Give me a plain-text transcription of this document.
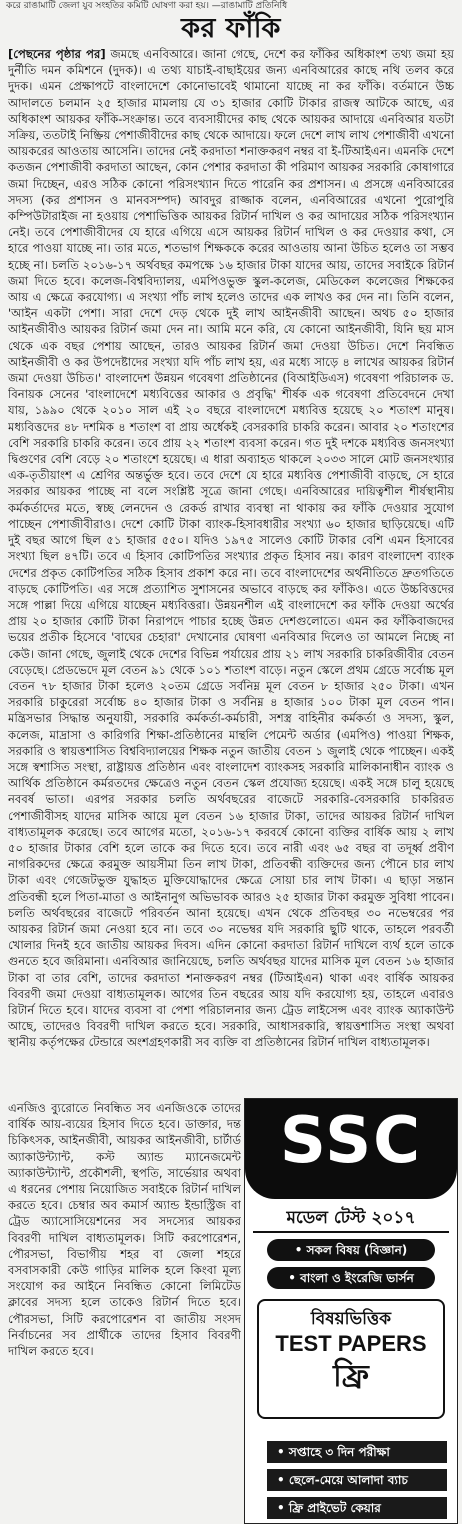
করে রাঙামাটি জেলা যুব সংহতির কমিটি ঘোষণা করা হয়। —রাঙামাটি প্রতিনিধি
কর ফাঁকি

[পেছনের পৃষ্ঠার পর] জমছে এনবিআরে। জানা গেছে, দেশে কর ফাঁকির অধিকাংশ তথ্য জমা হয় দুর্নীতি দমন কমিশনে (দুদক)। এ তথ্য যাচাই-বাছাইয়ের জন্য এনবিআরের কাছে নথি তলব করে দুদক। এমন প্রেক্ষাপটে বাংলাদেশে কোনোভাবেই থামানো যাচ্ছে না কর ফাঁকি। বর্তমানে উচ্চ আদালতে চলমান ২৫ হাজার মামলায় যে ৩১ হাজার কোটি টাকার রাজস্ব আটকে আছে, এর অধিকাংশ আয়কর ফাঁকি-সংক্রান্ত। তবে ব্যবসায়ীদের কাছ থেকে আয়কর আদায়ে এনবিআর যতটা সক্রিয়, ততটাই নিষ্ক্রিয় পেশাজীবীদের কাছ থেকে আদায়ে। ফলে দেশে লাখ লাখ পেশাজীবী এখনো আয়করের আওতায় আসেনি। তাদের নেই করদাতা শনাক্তকরণ নম্বর বা ই-টিআইএন। এমনকি দেশে কতজন পেশাজীবী করদাতা আছেন, কোন পেশার করদাতা কী পরিমাণ আয়কর সরকারি কোষাগারে জমা দিচ্ছেন, এরও সঠিক কোনো পরিসংখ্যান দিতে পারেনি কর প্রশাসন। এ প্রসঙ্গে এনবিআরের সদস্য (কর প্রশাসন ও মানবসম্পদ) আবদুর রাজ্জাক বলেন, এনবিআরের এখনো পুরোপুরি কম্পিউটারাইজ না হওয়ায় পেশাভিত্তিক আয়কর রিটার্ন দাখিল ও কর আদায়ের সঠিক পরিসংখ্যান নেই। তবে পেশাজীবীদের যে হারে এগিয়ে এসে আয়কর রিটার্ন দাখিল ও কর দেওয়ার কথা, সে হারে পাওয়া যাচ্ছে না। তার মতে, শতভাগ শিক্ষককে করের আওতায় আনা উচিত হলেও তা সম্ভব হচ্ছে না। চলতি ২০১৬-১৭ অর্থবছর কমপক্ষে ১৬ হাজার টাকা যাদের আয়, তাদের সবাইকে রিটার্ন জমা দিতে হবে। কলেজ-বিশ্ববিদ্যালয়, এমপিওভুক্ত স্কুল-কলেজ, মেডিকেল কলেজের শিক্ষকের আয় এ ক্ষেত্রে করযোগ্য। এ সংখ্যা পাঁচ লাখ হলেও তাদের এক লাখও কর দেন না। তিনি বলেন, 'আইন একটা পেশা। সারা দেশে দেড় থেকে দুই লাখ আইনজীবী আছেন। অথচ ৫০ হাজার আইনজীবীও আয়কর রিটার্ন জমা দেন না। আমি মনে করি, যে কোনো আইনজীবী, যিনি ছয় মাস থেকে এক বছর পেশায় আছেন, তারও আয়কর রিটার্ন জমা দেওয়া উচিত। দেশে নিবন্ধিত আইনজীবী ও কর উপদেষ্টাদের সংখ্যা যদি পাঁচ লাখ হয়, এর মধ্যে সাড়ে ৪ লাখের আয়কর রিটার্ন জমা দেওয়া উচিত।' বাংলাদেশ উন্নয়ন গবেষণা প্রতিষ্ঠানের (বিআইডিএস) গবেষণা পরিচালক ড. বিনায়ক সেনের 'বাংলাদেশে মধ্যবিত্তের আকার ও প্রবৃদ্ধি' শীর্ষক এক গবেষণা প্রতিবেদনে দেখা যায়, ১৯৯০ থেকে ২০১০ সাল এই ২০ বছরে বাংলাদেশে মধ্যবিত্ত হয়েছে ২০ শতাংশ মানুষ। মধ্যবিত্তদের ৪৮ দশমিক ৪ শতাংশ বা প্রায় অর্ধেকই বেসরকারি চাকরি করেন। আবার ২০ শতাংশের বেশি সরকারি চাকরি করেন। তবে প্রায় ২২ শতাংশ ব্যবসা করেন। গত দুই দশকে মধ্যবিত্ত জনসংখ্যা দ্বিগুণের বেশি বেড়ে ২০ শতাংশে হয়েছে। এ ধারা অব্যাহত থাকলে ২০৩৩ সালে মোট জনসংখ্যার এক-তৃতীয়াংশ এ শ্রেণির অন্তর্ভুক্ত হবে। তবে দেশে যে হারে মধ্যবিত্ত পেশাজীবী বাড়ছে, সে হারে সরকার আয়কর পাচ্ছে না বলে সংশ্লিষ্ট সূত্রে জানা গেছে। এনবিআরের দায়িত্বশীল শীর্ষস্থানীয় কর্মকর্তাদের মতে, স্বচ্ছ লেনদেন ও রেকর্ড রাখার ব্যবস্থা না থাকায় কর ফাঁকি দেওয়ার সুযোগ পাচ্ছেন পেশাজীবীরাও। দেশে কোটি টাকা ব্যাংক-হিসাবধারীর সংখ্যা ৬০ হাজার ছাড়িয়েছে। এটি দুই বছর আগে ছিল ৫১ হাজার ৫৫০। যদিও ১৯৭৫ সালেও কোটি টাকার বেশি এমন হিসাবের সংখ্যা ছিল ৪৭টি। তবে এ হিসাব কোটিপতির সংখ্যার প্রকৃত হিসাব নয়। কারণ বাংলাদেশ ব্যাংক দেশের প্রকৃত কোটিপতির সঠিক হিসাব প্রকাশ করে না। তবে বাংলাদেশের অর্থনীতিতে দ্রুতগতিতে বাড়ছে কোটিপতি। এর সঙ্গে প্রত্যাশিত সুশাসনের অভাবে বাড়ছে কর ফাঁকিও। এতে উচ্চবিত্তদের সঙ্গে পাল্লা দিয়ে এগিয়ে যাচ্ছেন মধ্যবিত্তরা। উন্নয়নশীল এই বাংলাদেশে কর ফাঁকি দেওয়া অর্থের প্রায় ২০ হাজার কোটি টাকা নিরাপদে পাচার হচ্ছে উন্নত দেশগুলোতে। এমন কর ফাঁকিবাজদের ভয়ের প্রতীক হিসেবে 'বাঘের চেহারা' দেখানোর ঘোষণা এনবিআর দিলেও তা আমলে নিচ্ছে না কেউ। জানা গেছে, জুলাই থেকে দেশের বিভিন্ন পর্যায়ের প্রায় ২১ লাখ সরকারি চাকরিজীবীর বেতন বেড়েছে। প্রেডভেদে মূল বেতন ৯১ থেকে ১০১ শতাংশ বাড়ে। নতুন স্কেলে প্রথম গ্রেডে সর্বোচ্চ মূল বেতন ৭৮ হাজার টাকা হলেও ২০তম গ্রেডে সর্বনিম্ন মূল বেতন ৮ হাজার ২৫০ টাকা। এখন সরকারি চাকুরেরা সর্বোচ্চ ৪০ হাজার টাকা ও সর্বনিম্ন ৪ হাজার ১০০ টাকা মূল বেতন পান। মন্ত্রিসভার সিদ্ধান্ত অনুযায়ী, সরকারি কর্মকর্তা-কর্মচারী, সশস্ত্র বাহিনীর কর্মকর্তা ও সদস্য, স্কুল, কলেজ, মাদ্রাসা ও কারিগরি শিক্ষা-প্রতিষ্ঠানের মান্থলি পেমেন্ট অর্ডার (এমপিও) পাওয়া শিক্ষক, সরকারি ও স্বায়ত্তশাসিত বিশ্ববিদ্যালয়ের শিক্ষক নতুন জাতীয় বেতন ১ জুলাই থেকে পাচ্ছেন। একই সঙ্গে স্বশাসিত সংস্থা, রাষ্ট্রায়ত্ত প্রতিষ্ঠান এবং বাংলাদেশ ব্যাংকসহ সরকারি মালিকানাধীন ব্যাংক ও আর্থিক প্রতিষ্ঠানে কর্মরতদের ক্ষেত্রেও নতুন বেতন স্কেল প্রযোজ্য হয়েছে। একই সঙ্গে চালু হয়েছে নববর্ষ ভাতা। এরপর সরকার চলতি অর্থবছরের বাজেটে সরকারি-বেসরকারি চাকরিরত পেশাজীবীসহ যাদের মাসিক আয়ে মূল বেতন ১৬ হাজার টাকা, তাদের আয়কর রিটার্ন দাখিল বাধ্যতামূলক করেছে। তবে আগের মতো, ২০১৬-১৭ করবর্ষে কোনো ব্যক্তির বার্ষিক আয় ২ লাখ ৫০ হাজার টাকার বেশি হলে তাকে কর দিতে হবে। তবে নারী এবং ৬৫ বছর বা তদূর্ধ্ব প্রবীণ নাগরিকদের ক্ষেত্রে করমুক্ত আয়সীমা তিন লাখ টাকা, প্রতিবন্ধী ব্যক্তিদের জন্য পৌনে চার লাখ টাকা এবং গেজেটভুক্ত যুদ্ধাহত মুক্তিযোদ্ধাদের ক্ষেত্রে সোয়া চার লাখ টাকা। এ ছাড়া সন্তান প্রতিবন্ধী হলে পিতা-মাতা ও আইনানুগ অভিভাবক আরও ২৫ হাজার টাকা করমুক্ত সুবিধা পাবেন। চলতি অর্থবছরের বাজেটে পরিবর্তন আনা হয়েছে। এখন থেকে প্রতিবছর ৩০ নভেম্বরের পর আয়কর রিটার্ন জমা নেওয়া হবে না। তবে ৩০ নভেম্বর যদি সরকারি ছুটি থাকে, তাহলে পরবর্তী খোলার দিনই হবে জাতীয় আয়কর দিবস। এদিন কোনো করদাতা রিটার্ন দাখিলে ব্যর্থ হলে তাকে গুনতে হবে জরিমানা। এনবিআর জানিয়েছে, চলতি অর্থবছর যাদের মাসিক মূল বেতন ১৬ হাজার টাকা বা তার বেশি, তাদের করদাতা শনাক্তকরণ নম্বর (টিআইএন) থাকা এবং বার্ষিক আয়কর বিবরণী জমা দেওয়া বাধ্যতামূলক। আগের তিন বছরের আয় যদি করযোগ্য হয়, তাহলে এবারও রিটার্ন দিতে হবে। যাদের ব্যবসা বা পেশা পরিচালনার জন্য ট্রেড লাইসেন্স এবং ব্যাংক অ্যাকাউন্ট আছে, তাদেরও বিবরণী দাখিল করতে হবে। সরকারি, আধাসরকারি, স্বায়ত্তশাসিত সংস্থা অথবা স্থানীয় কর্তৃপক্ষের টেন্ডারে অংশগ্রহণকারী সব ব্যক্তি বা প্রতিষ্ঠানের রিটার্ন দাখিল বাধ্যতামূলক।

এনজিও ব্যুরোতে নিবন্ধিত সব এনজিওকে তাদের বার্ষিক আয়-ব্যয়ের হিসাব দিতে হবে। ডাক্তার, দন্ত চিকিৎসক, আইনজীবী, আয়কর আইনজীবী, চার্টার্ড অ্যাকাউন্ট্যান্ট, কস্ট অ্যান্ড ম্যানেজমেন্ট অ্যাকাউন্ট্যান্ট, প্রকৌশলী, স্থপতি, সার্ভেয়ার অথবা এ ধরনের পেশায় নিয়োজিত সবাইকে রিটার্ন দাখিল করতে হবে। চেম্বার অব কমার্স অ্যান্ড ইন্ডাস্ট্রিজ বা ট্রেড অ্যাসোসিয়েশনের সব সদস্যের আয়কর বিবরণী দাখিল বাধ্যতামূলক। সিটি করপোরেশন, পৌরসভা, বিভাগীয় শহর বা জেলা শহরে বসবাসকারী কেউ গাড়ির মালিক হলে কিংবা মূল্য সংযোগ কর আইনে নিবন্ধিত কোনো লিমিটেড ক্লাবের সদস্য হলে তাকেও রিটার্ন দিতে হবে। পৌরসভা, সিটি করপোরেশন বা জাতীয় সংসদ নির্বাচনের সব প্রার্থীকে তাদের হিসাব বিবরণী দাখিল করতে হবে।

SSC
মডেল টেস্ট ২০১৭
• সকল বিষয় (বিজ্ঞান)
• বাংলা ও ইংরেজি ভার্সন
বিষয়ভিত্তিক
TEST PAPERS
ফ্রি
• সপ্তাহে ৩ দিন পরীক্ষা
• ছেলে-মেয়ে আলাদা ব্যাচ
• ফ্রি প্রাইভেট কেয়ার
